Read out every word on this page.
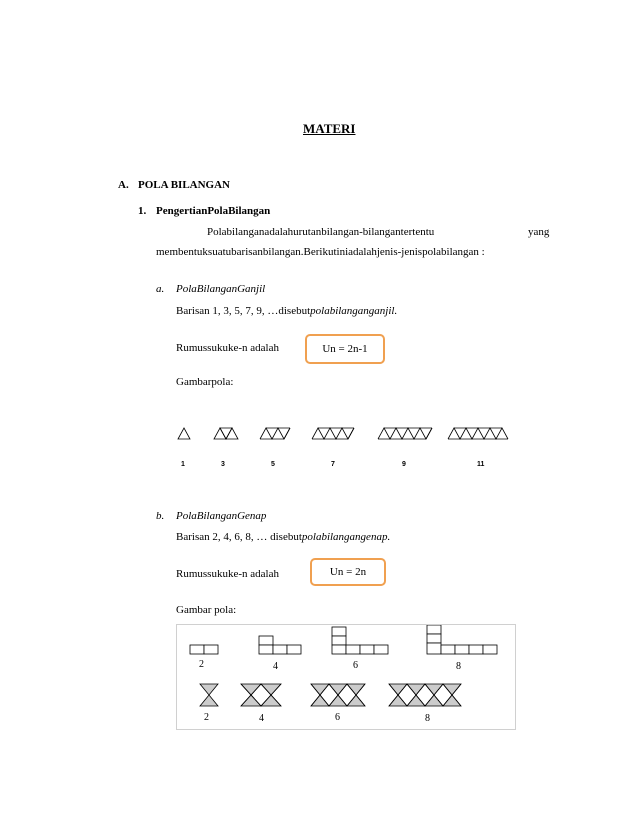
MATERI
A. POLA BILANGAN
1. PengertianPolaBilangan
Polabilanganadalahurutanbilangan-bilangantertentu	yang
membentuksuatubarisanbilangan.Berikutiniadalahjenis-jenispolabilangan :
a. PolaBilanganGanjil
Barisan 1, 3, 5, 7, 9, …disebutpolabilanganganjil.
Rumussukuke-n adalah	Un = 2n-1
Gambarpola:
1	3	5	7	9	11
b. PolaBilanganGenap
Barisan 2, 4, 6, 8, … disebutpolabilangangenap.
Rumussukuke-n adalah	Un = 2n
Gambar pola:
2	4	6	8
2	4	6	8
